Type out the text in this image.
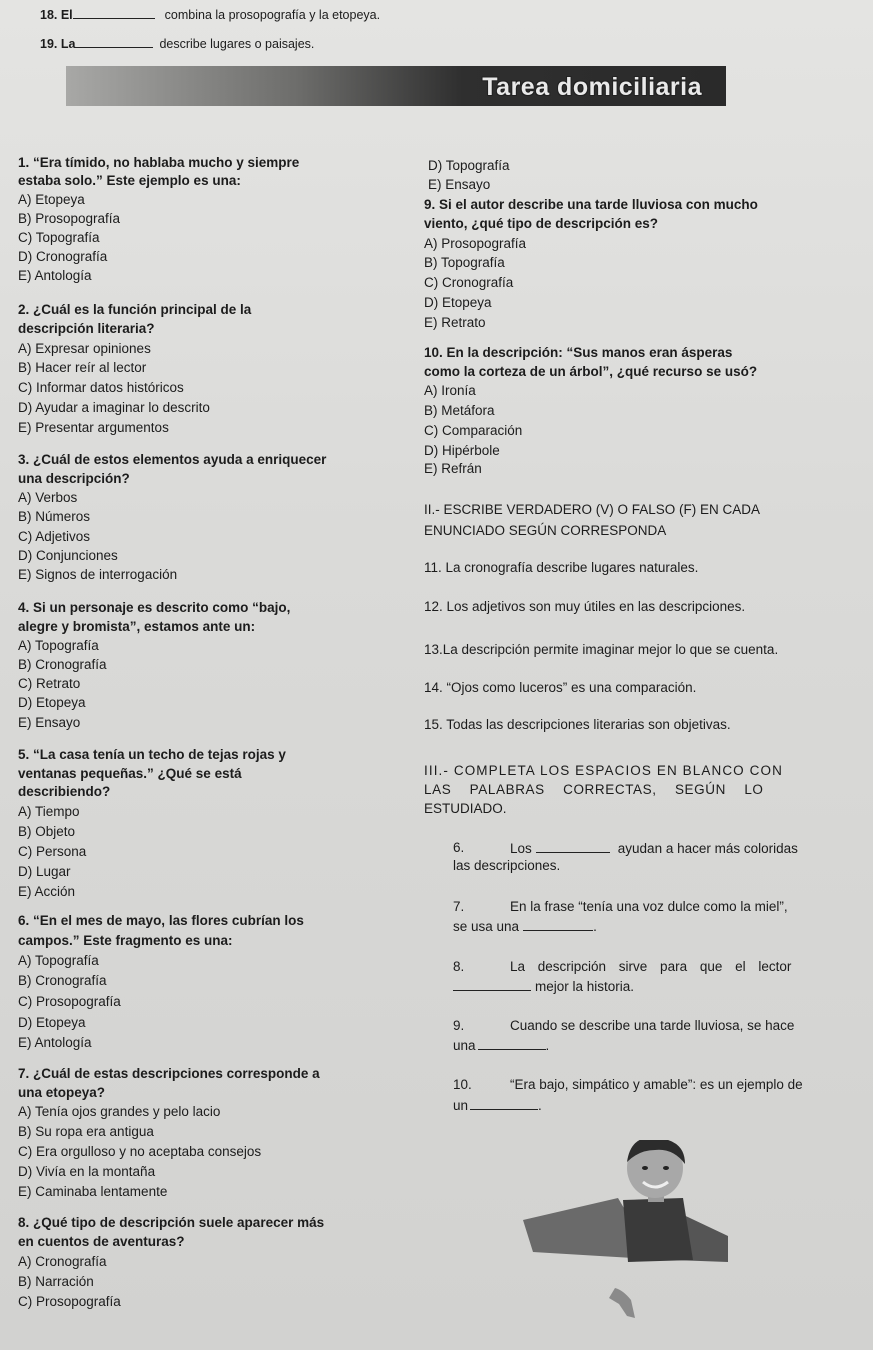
18. El	combina la prosopografía y la etopeya.
19. La	describe lugares o paisajes.
Tarea domiciliaria
1. “Era tímido, no hablaba mucho y siempre
estaba solo.” Este ejemplo es una:
A) Etopeya
B) Prosopografía
C) Topografía
D) Cronografía
E) Antología
2. ¿Cuál es la función principal de la
descripción literaria?
A) Expresar opiniones
B) Hacer reír al lector
C) Informar datos históricos
D) Ayudar a imaginar lo descrito
E) Presentar argumentos
3. ¿Cuál de estos elementos ayuda a enriquecer
una descripción?
A) Verbos
B) Números
C) Adjetivos
D) Conjunciones
E) Signos de interrogación
4. Si un personaje es descrito como “bajo,
alegre y bromista”, estamos ante un:
A) Topografía
B) Cronografía
C) Retrato
D) Etopeya
E) Ensayo
5. “La casa tenía un techo de tejas rojas y
ventanas pequeñas.” ¿Qué se está
describiendo?
A) Tiempo
B) Objeto
C) Persona
D) Lugar
E) Acción
6. “En el mes de mayo, las flores cubrían los
campos.” Este fragmento es una:
A) Topografía
B) Cronografía
C) Prosopografía
D) Etopeya
E) Antología
7. ¿Cuál de estas descripciones corresponde a
una etopeya?
A) Tenía ojos grandes y pelo lacio
B) Su ropa era antigua
C) Era orgulloso y no aceptaba consejos
D) Vivía en la montaña
E) Caminaba lentamente
8. ¿Qué tipo de descripción suele aparecer más
en cuentos de aventuras?
A) Cronografía
B) Narración
C) Prosopografía
D) Topografía
E) Ensayo
9. Si el autor describe una tarde lluviosa con mucho
viento, ¿qué tipo de descripción es?
A) Prosopografía
B) Topografía
C) Cronografía
D) Etopeya
E) Retrato
10. En la descripción: “Sus manos eran ásperas
como la corteza de un árbol”, ¿qué recurso se usó?
A) Ironía
B) Metáfora
C) Comparación
D) Hipérbole
E) Refrán
II.- ESCRIBE VERDADERO (V) O FALSO (F) EN CADA
ENUNCIADO SEGÚN CORRESPONDA
11. La cronografía describe lugares naturales.
12. Los adjetivos son muy útiles en las descripciones.
13.La descripción permite imaginar mejor lo que se cuenta.
14. “Ojos como luceros” es una comparación.
15. Todas las descripciones literarias son objetivas.
III.- COMPLETA LOS ESPACIOS EN BLANCO CON
LAS PALABRAS CORRECTAS, SEGÚN LO
ESTUDIADO.
6.	Los	ayudan a hacer más coloridas
las descripciones.
7.	En la frase “tenía una voz dulce como la miel”,
se usa una	.
8.	La descripción sirve para que el lector
mejor la historia.
9.	Cuando se describe una tarde lluviosa, se hace
una	.
10.	“Era bajo, simpático y amable”: es un ejemplo de
un	.
